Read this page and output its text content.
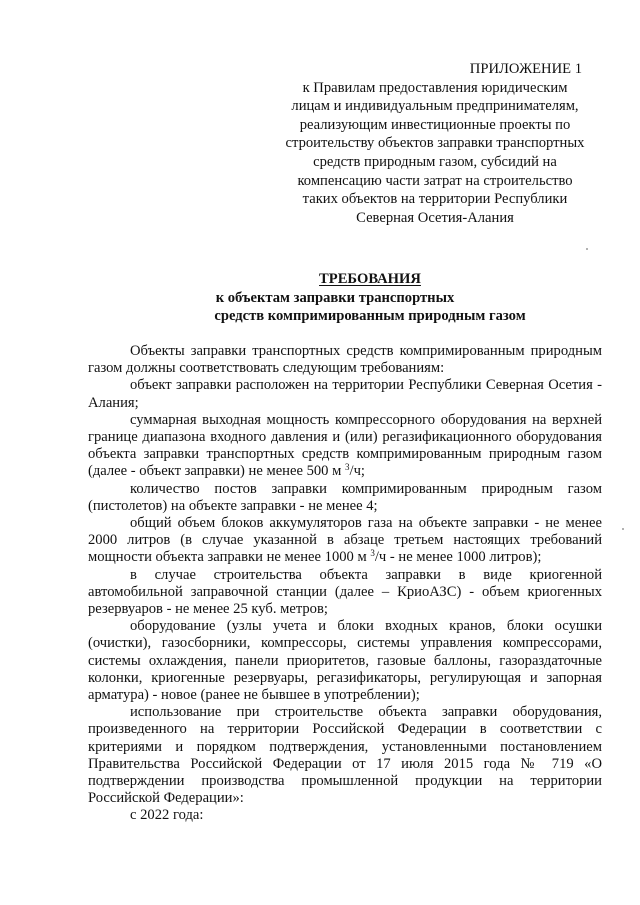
ПРИЛОЖЕНИЕ 1
к Правилам предоставления юридическим
лицам и индивидуальным предпринимателям,
реализующим инвестиционные проекты по
строительству объектов заправки транспортных
средств природным газом, субсидий на
компенсацию части затрат на строительство
таких объектов на территории Республики
Северная Осетия-Алания
ТРЕБОВАНИЯ
к объектам заправки транспортных
средств компримированным природным газом

Объекты заправки транспортных средств компримированным природным газом должны соответствовать следующим требованиям:

объект заправки расположен на территории Республики Северная Осетия - Алания;

суммарная выходная мощность компрессорного оборудования на верхней границе диапазона входного давления и (или) регазификационного оборудования объекта заправки транспортных средств компримированным природным газом (далее - объект заправки) не менее 500 м $^3$/ч;

количество постов заправки компримированным природным газом (пистолетов) на объекте заправки - не менее 4;

общий объем блоков аккумуляторов газа на объекте заправки - не менее 2000 литров (в случае указанной в абзаце третьем настоящих требований мощности объекта заправки не менее 1000 м $^3$/ч - не менее 1000 литров);

в случае строительства объекта заправки в виде криогенной автомобильной заправочной станции (далее – КриоАЗС) - объем криогенных резервуаров - не менее 25 куб. метров;

оборудование (узлы учета и блоки входных кранов, блоки осушки (очистки), газосборники, компрессоры, системы управления компрессорами, системы охлаждения, панели приоритетов, газовые баллоны, газораздаточные колонки, криогенные резервуары, регазификаторы, регулирующая и запорная арматура) - новое (ранее не бывшее в употреблении);

использование при строительстве объекта заправки оборудования, произведенного на территории Российской Федерации в соответствии с критериями и порядком подтверждения, установленными постановлением Правительства Российской Федерации от 17 июля 2015 года № 719 «О подтверждении производства промышленной продукции на территории Российской Федерации»:

с 2022 года:
